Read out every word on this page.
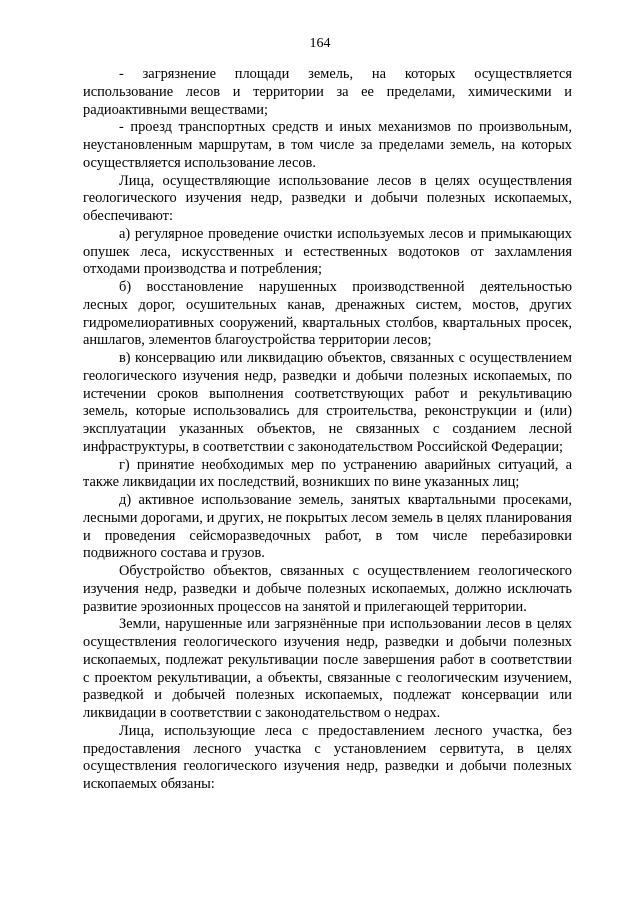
164

- загрязнение площади земель, на которых осуществляется использование лесов и территории за ее пределами, химическими и радиоактивными веществами;

- проезд транспортных средств и иных механизмов по произвольным, неустановленным маршрутам, в том числе за пределами земель, на которых осуществляется использование лесов.

Лица, осуществляющие использование лесов в целях осуществления геологического изучения недр, разведки и добычи полезных ископаемых, обеспечивают:

а) регулярное проведение очистки используемых лесов и примыкающих опушек леса, искусственных и естественных водотоков от захламления отходами производства и потребления;

б) восстановление нарушенных производственной деятельностью лесных дорог, осушительных канав, дренажных систем, мостов, других гидромелиоративных сооружений, квартальных столбов, квартальных просек, аншлагов, элементов благоустройства территории лесов;

в) консервацию или ликвидацию объектов, связанных с осуществлением геологического изучения недр, разведки и добычи полезных ископаемых, по истечении сроков выполнения соответствующих работ и рекультивацию земель, которые использовались для строительства, реконструкции и (или) эксплуатации указанных объектов, не связанных с созданием лесной инфраструктуры, в соответствии с законодательством Российской Федерации;

г) принятие необходимых мер по устранению аварийных ситуаций, а также ликвидации их последствий, возникших по вине указанных лиц;

д) активное использование земель, занятых квартальными просеками, лесными дорогами, и других, не покрытых лесом земель в целях планирования и проведения сейсморазведочных работ, в том числе перебазировки подвижного состава и грузов.

Обустройство объектов, связанных с осуществлением геологического изучения недр, разведки и добыче полезных ископаемых, должно исключать развитие эрозионных процессов на занятой и прилегающей территории.

Земли, нарушенные или загрязнённые при использовании лесов в целях осуществления геологического изучения недр, разведки и добычи полезных ископаемых, подлежат рекультивации после завершения работ в соответствии с проектом рекультивации, а объекты, связанные с геологическим изучением, разведкой и добычей полезных ископаемых, подлежат консервации или ликвидации в соответствии с законодательством о недрах.

Лица, использующие леса с предоставлением лесного участка, без предоставления лесного участка с установлением сервитута, в целях осуществления геологического изучения недр, разведки и добычи полезных ископаемых обязаны:
